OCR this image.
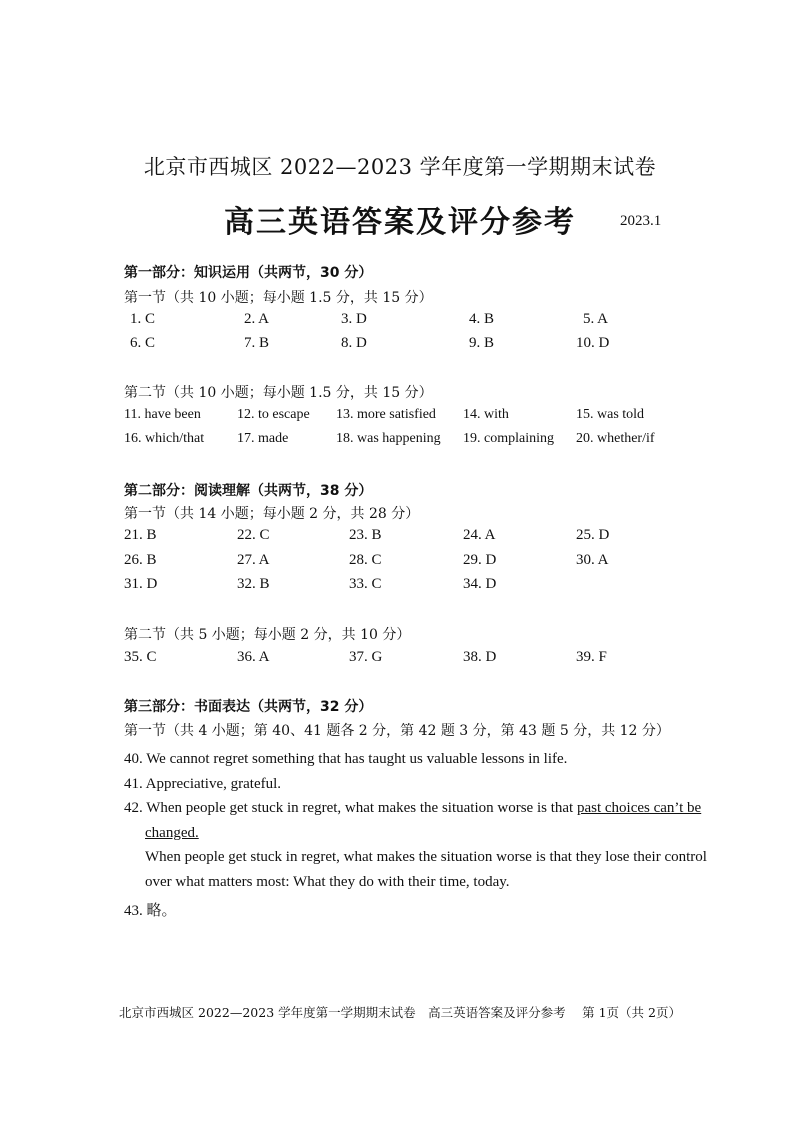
北京市西城区 2022—2023 学年度第一学期期末试卷
高三英语答案及评分参考	2023.1
第一部分：知识运用（共两节，30 分）
第一节（共 10 小题；每小题 1.5 分，共 15 分）
1. C	2. A	3. D	4. B	5. A
6. C	7. B	8. D	9. B	10. D
第二节（共 10 小题；每小题 1.5 分，共 15 分）
11. have been	12. to escape 13. more satisfied 14. with	15. was told
16. which/that 17. made	18. was happening 19. complaining 20. whether/if
第二部分：阅读理解（共两节，38 分）
第一节（共 14 小题；每小题 2 分，共 28 分）
21. B	22. C	23. B	24. A	25. D
26. B	27. A	28. C	29. D	30. A
31. D	32. B	33. C	34. D
第二节（共 5 小题；每小题 2 分，共 10 分）
35. C	36. A	37. G	38. D	39. F
第三部分：书面表达（共两节，32 分）
第一节（共 4 小题；第 40、41 题各 2 分，第 42 题 3 分，第 43 题 5 分，共 12 分）
40. We cannot regret something that has taught us valuable lessons in life.
41. Appreciative, grateful.
42. When people get stuck in regret, what makes the situation worse is that past choices can’t be
changed.
When people get stuck in regret, what makes the situation worse is that they lose their control
over what matters most: What they do with their time, today.
43. 略。
北京市西城区 2022—2023 学年度第一学期期末试卷　高三英语答案及评分参考　 第 1页（共 2页）
